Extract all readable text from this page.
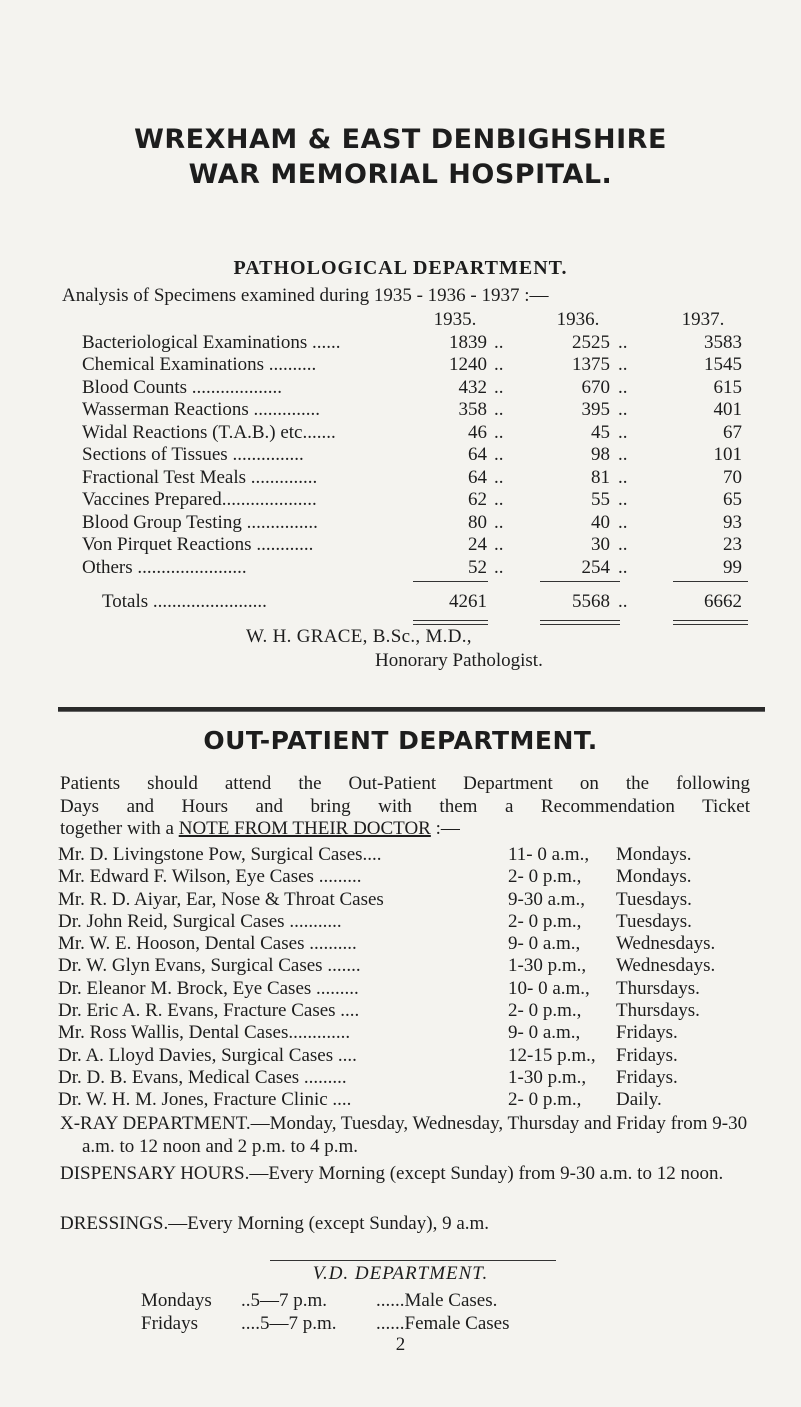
WREXHAM & EAST DENBIGHSHIRE
WAR MEMORIAL HOSPITAL.
PATHOLOGICAL DEPARTMENT.
Analysis of Specimens examined during 1935 - 1936 - 1937 :—
1935.	1936.	1937.
Bacteriological Examinations ......	1839 ..	2525 ..	3583
Chemical Examinations ..........	1240 ..	1375 ..	1545
Blood Counts ...................	432 ..	670 ..	615
Wasserman Reactions ..............	358 ..	395 ..	401
Widal Reactions (T.A.B.) etc.......	46 ..	45 ..	67
Sections of Tissues ...............	64 ..	98 ..	101
Fractional Test Meals ..............	64 ..	81 ..	70
Vaccines Prepared....................	62 ..	55 ..	65
Blood Group Testing ...............	80 ..	40 ..	93
Von Pirquet Reactions ............	24 ..	30 ..	23
Others .......................	52 ..	254 ..	99
Totals ........................	4261	5568 ..	6662
W. H. GRACE, B.Sc., M.D.,
Honorary Pathologist.
OUT-PATIENT DEPARTMENT.
Patients should attend the Out-Patient Department on the following
Days and Hours and bring with them a Recommendation Ticket
together with a NOTE FROM THEIR DOCTOR :—
Mr. D. Livingstone Pow, Surgical Cases....	11- 0 a.m.,	Mondays.
Mr. Edward F. Wilson, Eye Cases .........	2- 0 p.m.,	Mondays.
Mr. R. D. Aiyar, Ear, Nose & Throat Cases	9-30 a.m.,	Tuesdays.
Dr. John Reid, Surgical Cases ...........	2- 0 p.m.,	Tuesdays.
Mr. W. E. Hooson, Dental Cases ..........	9- 0 a.m.,	Wednesdays.
Dr. W. Glyn Evans, Surgical Cases .......	1-30 p.m.,	Wednesdays.
Dr. Eleanor M. Brock, Eye Cases .........	10- 0 a.m.,	Thursdays.
Dr. Eric A. R. Evans, Fracture Cases ....	2- 0 p.m.,	Thursdays.
Mr. Ross Wallis, Dental Cases.............	9- 0 a.m.,	Fridays.
Dr. A. Lloyd Davies, Surgical Cases ....	12-15 p.m.,	Fridays.
Dr. D. B. Evans, Medical Cases .........	1-30 p.m.,	Fridays.
Dr. W. H. M. Jones, Fracture Clinic ....	2- 0 p.m.,	Daily.

X-RAY DEPARTMENT.—Monday, Tuesday, Wednesday, Thursday and Friday from 9-30 a.m. to 12 noon and 2 p.m. to 4 p.m.

DISPENSARY HOURS.—Every Morning (except Sunday) from 9-30 a.m. to 12 noon.

DRESSINGS.—Every Morning (except Sunday), 9 a.m.

V.D. DEPARTMENT.
Mondays ..5—7 p.m.	......Male Cases.
Fridays ....5—7 p.m. ......Female Cases
2
